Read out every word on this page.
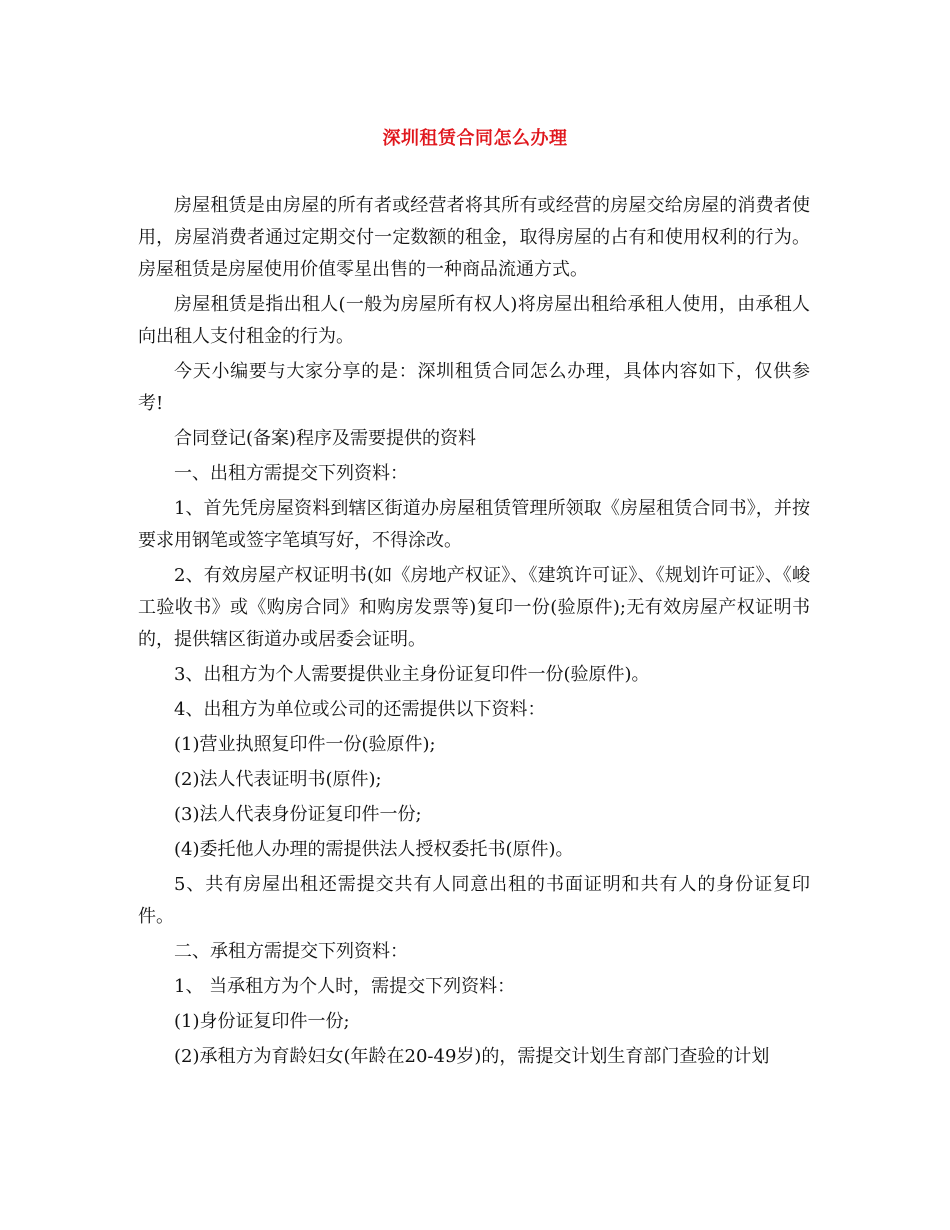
深圳租赁合同怎么办理

房屋租赁是由房屋的所有者或经营者将其所有或经营的房屋交给房屋的消费者使用，房屋消费者通过定期交付一定数额的租金，取得房屋的占有和使用权利的行为。房屋租赁是房屋使用价值零星出售的一种商品流通方式。

房屋租赁是指出租人(一般为房屋所有权人)将房屋出租给承租人使用，由承租人向出租人支付租金的行为。

今天小编要与大家分享的是：深圳租赁合同怎么办理，具体内容如下，仅供参考!

合同登记(备案)程序及需要提供的资料

一、出租方需提交下列资料：

1、首先凭房屋资料到辖区街道办房屋租赁管理所领取《房屋租赁合同书》，并按要求用钢笔或签字笔填写好，不得涂改。

2、有效房屋产权证明书(如《房地产权证》、《建筑许可证》、《规划许可证》、《峻工验收书》或《购房合同》和购房发票等)复印一份(验原件);无有效房屋产权证明书的，提供辖区街道办或居委会证明。

3、出租方为个人需要提供业主身份证复印件一份(验原件)。

4、出租方为单位或公司的还需提供以下资料：

(1)营业执照复印件一份(验原件);

(2)法人代表证明书(原件);

(3)法人代表身份证复印件一份;

(4)委托他人办理的需提供法人授权委托书(原件)。

5、共有房屋出租还需提交共有人同意出租的书面证明和共有人的身份证复印件。

二、承租方需提交下列资料：

1、 当承租方为个人时，需提交下列资料：

(1)身份证复印件一份;

(2)承租方为育龄妇女(年龄在20-49岁)的，需提交计划生育部门查验的计划
